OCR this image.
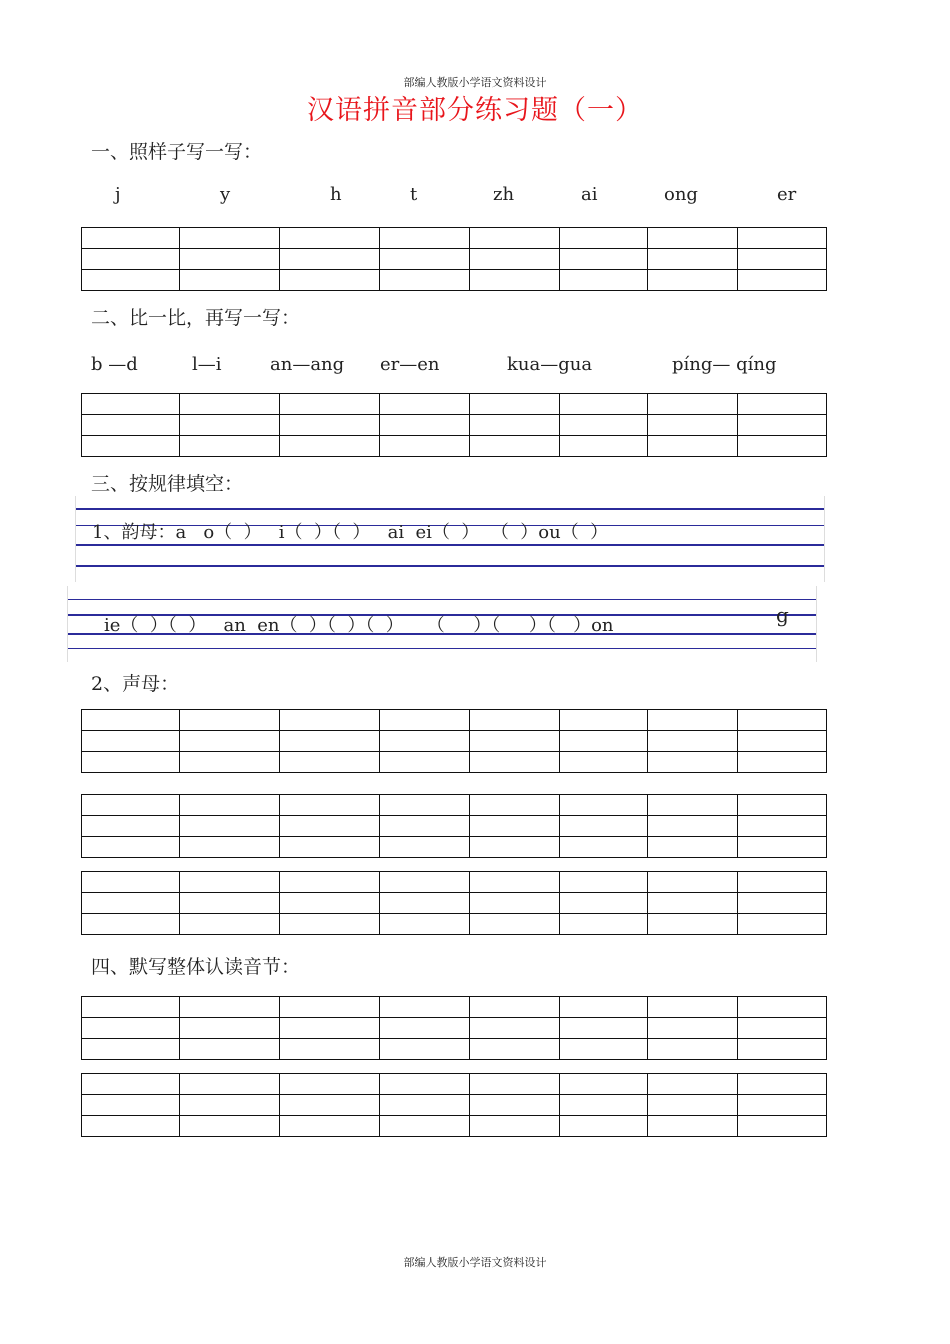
部编人教版小学语文资料设计
汉语拼音部分练习题（一）
一、照样子写一写：
j	y	h	t	zh	ai	ong	er

二、比一比，再写一写：
b —d	l—i	an—ang er—en	kua—gua	píng— qíng

三、按规律填空：
1、韵母：a   o（  ）   i（  ）（  ）   ai  ei（  ）  （  ）ou（  ）
ie（  ）（  ）   an  en（  ）（  ）（  ）    （     ）（     ）（   ）on	g
2、声母：

四、默写整体认读音节：

部编人教版小学语文资料设计
